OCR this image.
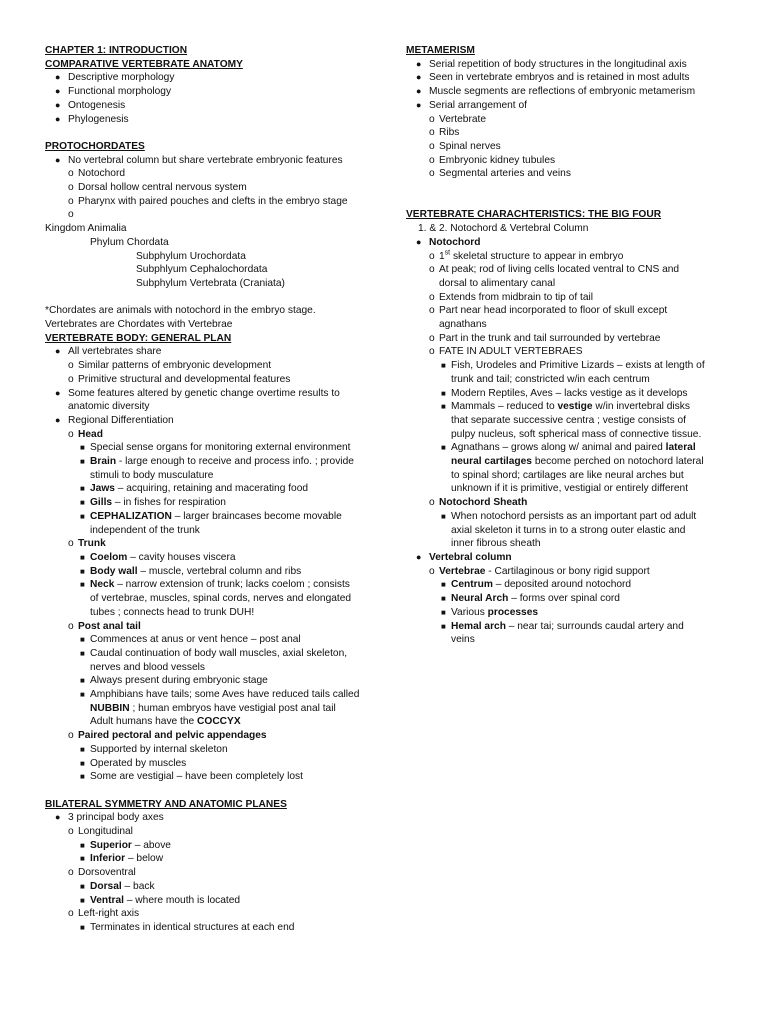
CHAPTER 1: INTRODUCTION
COMPARATIVE VERTEBRATE ANATOMY
● Descriptive morphology
● Functional morphology
● Ontogenesis
● Phylogenesis
PROTOCHORDATES
● No vertebral column but share vertebrate embryonic features
o Notochord
o Dorsal hollow central nervous system
o Pharynx with paired pouches and clefts in the embryo stage
o

Kingdom Animalia
Phylum Chordata
Subphylum Urochordata
Subphlyum Cephalochordata
Subphylum Vertebrata (Craniata)
*Chordates are animals with notochord in the embryo stage.
Vertebrates are Chordates with Vertebrae
VERTEBRATE BODY: GENERAL PLAN
● All vertebrates share
o Similar patterns of embryonic development
o Primitive structural and developmental features
● Some features altered by genetic change overtime results to
anatomic diversity
● Regional Differentiation
o Head
■ Special sense organs for monitoring external environment
■ Brain - large enough to receive and process info. ; provide
stimuli to body musculature
■ Jaws – acquiring, retaining and macerating food
■ Gills – in fishes for respiration
■ CEPHALIZATION – larger braincases become movable
independent of the trunk
o Trunk
■ Coelom – cavity houses viscera
■ Body wall – muscle, vertebral column and ribs
■ Neck – narrow extension of trunk; lacks coelom ; consists
of vertebrae, muscles, spinal cords, nerves and elongated
tubes ; connects head to trunk DUH!
o Post anal tail
■ Commences at anus or vent hence – post anal
■ Caudal continuation of body wall muscles, axial skeleton,
nerves and blood vessels
■ Always present during embryonic stage
■ Amphibians have tails; some Aves have reduced tails called
NUBBIN ; human embryos have vestigial post anal tail
Adult humans have the COCCYX
o Paired pectoral and pelvic appendages
■ Supported by internal skeleton
■ Operated by muscles
■ Some are vestigial – have been completely lost
BILATERAL SYMMETRY AND ANATOMIC PLANES
● 3 principal body axes
o Longitudinal
■ Superior – above
■ Inferior – below
o Dorsoventral
■ Dorsal – back
■ Ventral – where mouth is located
o Left-right axis
■ Terminates in identical structures at each end
METAMERISM
● Serial repetition of body structures in the longitudinal axis
● Seen in vertebrate embryos and is retained in most adults
● Muscle segments are reflections of embryonic metamerism
● Serial arrangement of
o Vertebrate
o Ribs
o Spinal nerves
o Embryonic kidney tubules
o Segmental arteries and veins
VERTEBRATE CHARACHTERISTICS: THE BIG FOUR
1. & 2. Notochord & Vertebral Column
● Notochord
o 1st skeletal structure to appear in embryo
o At peak; rod of living cells located ventral to CNS and
dorsal to alimentary canal
o Extends from midbrain to tip of tail
o Part near head incorporated to floor of skull except
agnathans
o Part in the trunk and tail surrounded by vertebrae
o FATE IN ADULT VERTEBRAES
■ Fish, Urodeles and Primitive Lizards – exists at length of
trunk and tail; constricted w/in each centrum
■ Modern Reptiles, Aves – lacks vestige as it develops
■ Mammals – reduced to vestige w/in invertebral disks
that separate successive centra ; vestige consists of
pulpy nucleus, soft spherical mass of connective tissue.
■ Agnathans – grows along w/ animal and paired lateral
neural cartilages become perched on notochord lateral
to spinal shord; cartilages are like neural arches but
unknown if it is primitive, vestigial or entirely different
o Notochord Sheath
■ When notochord persists as an important part od adult
axial skeleton it turns in to a strong outer elastic and
inner fibrous sheath
● Vertebral column
o Vertebrae - Cartilaginous or bony rigid support
■ Centrum – deposited around notochord
■ Neural Arch – forms over spinal cord
■ Various processes
■ Hemal arch – near tai; surrounds caudal artery and
veins
